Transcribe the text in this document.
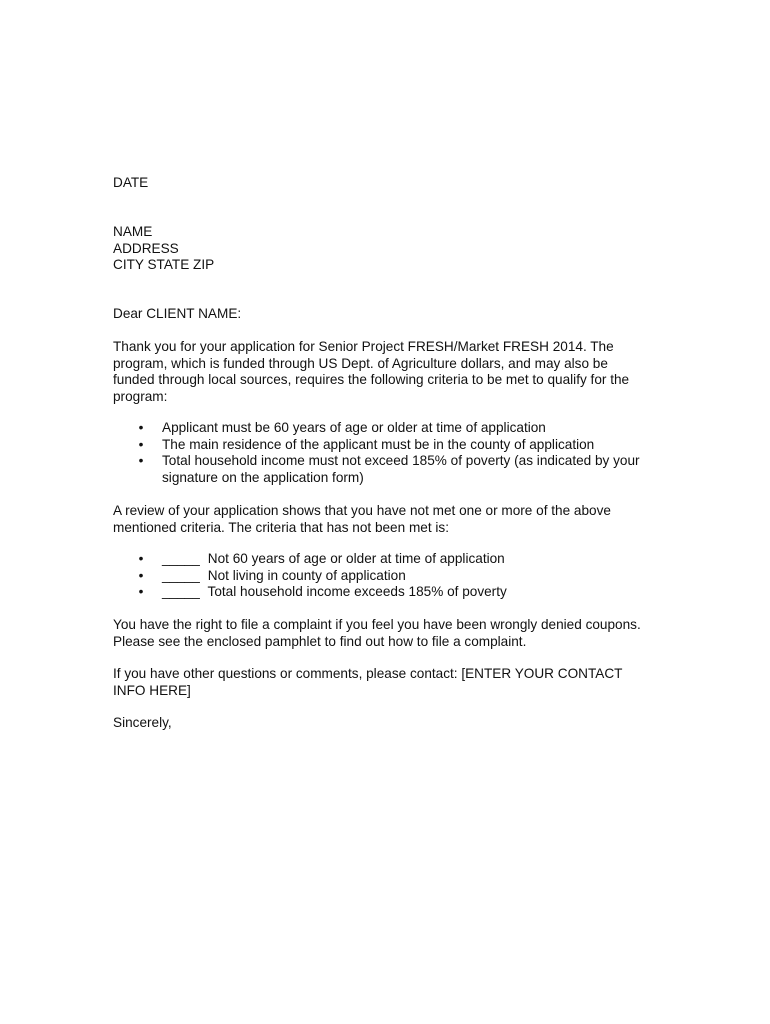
DATE

NAME

ADDRESS

CITY STATE ZIP

Dear CLIENT NAME:

Thank you for your application for Senior Project FRESH/Market FRESH 2014. The

program, which is funded through US Dept. of Agriculture dollars, and may also be

funded through local sources, requires the following criteria to be met to qualify for the

program:

• Applicant must be 60 years of age or older at time of application
• The main residence of the applicant must be in the county of application
• Total household income must not exceed 185% of poverty (as indicated by your
signature on the application form)

A review of your application shows that you have not met one or more of the above

mentioned criteria. The criteria that has not been met is:

• _____ Not 60 years of age or older at time of application
• _____ Not living in county of application
• _____ Total household income exceeds 185% of poverty

You have the right to file a complaint if you feel you have been wrongly denied coupons.

Please see the enclosed pamphlet to find out how to file a complaint.

If you have other questions or comments, please contact: [ENTER YOUR CONTACT

INFO HERE]

Sincerely,
